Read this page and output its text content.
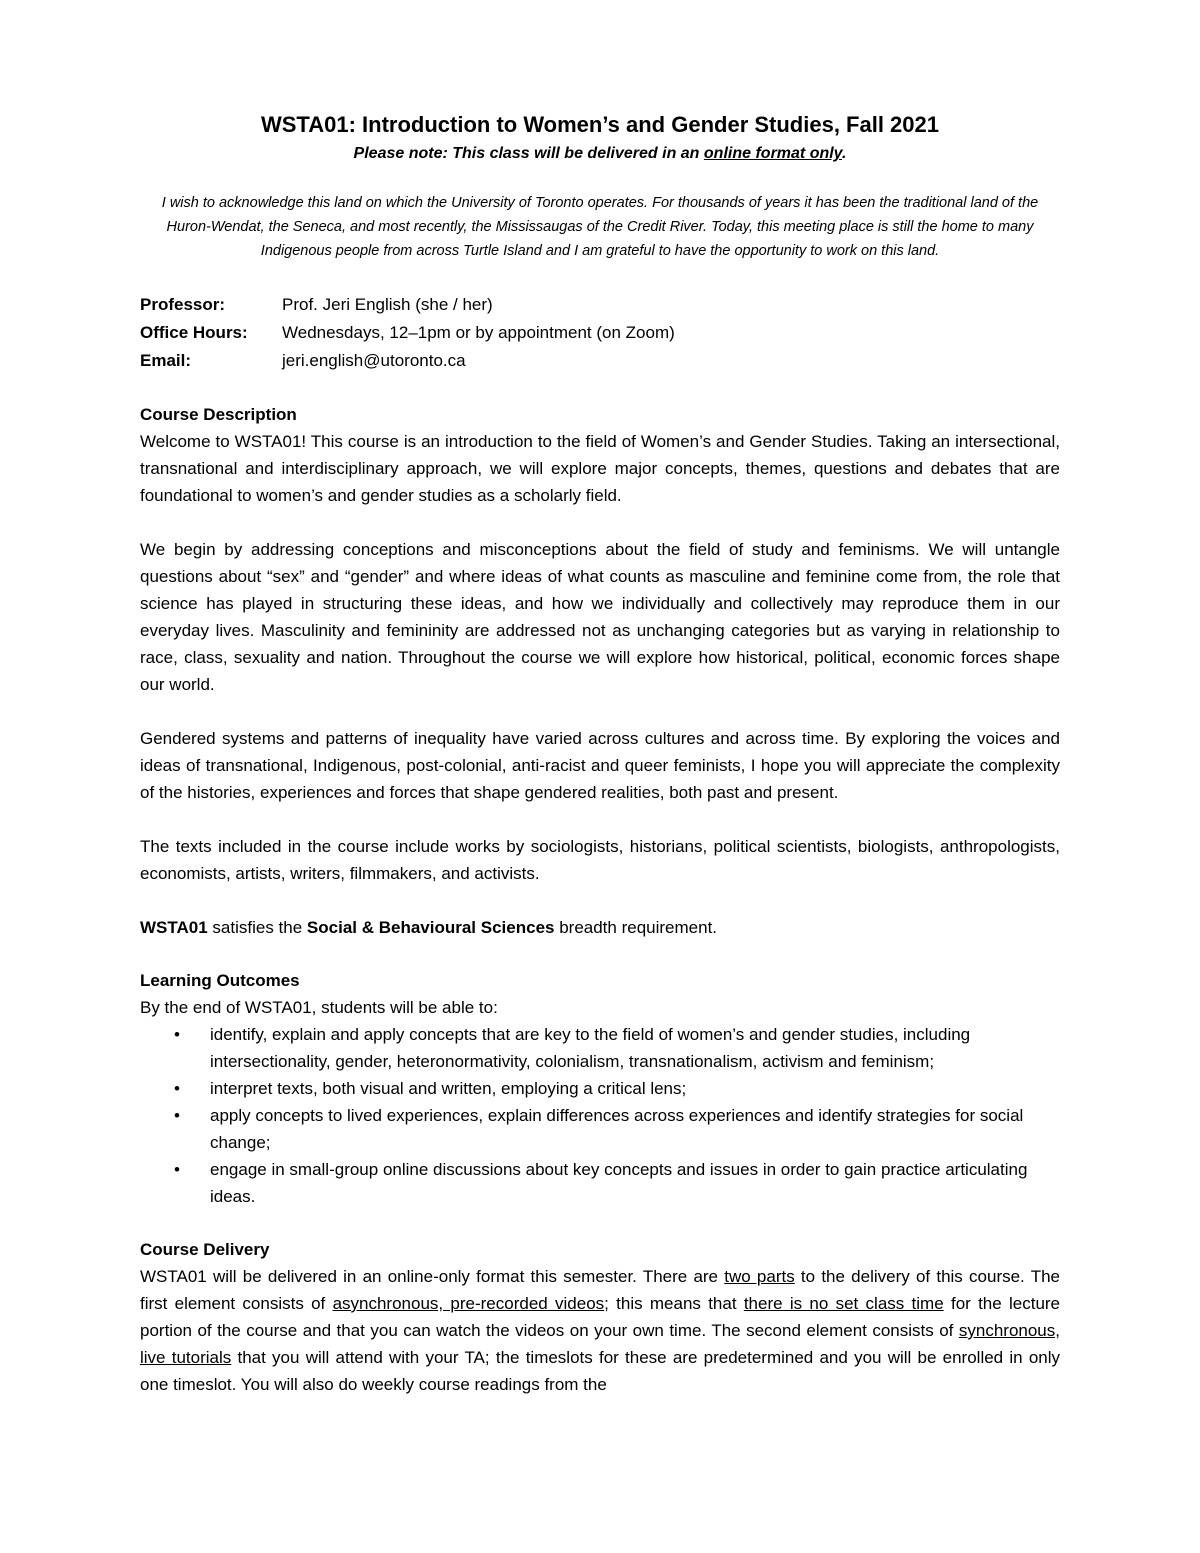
WSTA01: Introduction to Women’s and Gender Studies, Fall 2021
Please note: This class will be delivered in an online format only.
I wish to acknowledge this land on which the University of Toronto operates. For thousands of years it has been the traditional land of the Huron-Wendat, the Seneca, and most recently, the Mississaugas of the Credit River. Today, this meeting place is still the home to many Indigenous people from across Turtle Island and I am grateful to have the opportunity to work on this land.
Professor:	Prof. Jeri English (she / her)
Office Hours:	Wednesdays, 12–1pm or by appointment (on Zoom)
Email:	jeri.english@utoronto.ca
Course Description

Welcome to WSTA01! This course is an introduction to the field of Women’s and Gender Studies. Taking an intersectional, transnational and interdisciplinary approach, we will explore major concepts, themes, questions and debates that are foundational to women’s and gender studies as a scholarly field.

We begin by addressing conceptions and misconceptions about the field of study and feminisms. We will untangle questions about “sex” and “gender” and where ideas of what counts as masculine and feminine come from, the role that science has played in structuring these ideas, and how we individually and collectively may reproduce them in our everyday lives. Masculinity and femininity are addressed not as unchanging categories but as varying in relationship to race, class, sexuality and nation. Throughout the course we will explore how historical, political, economic forces shape our world.

Gendered systems and patterns of inequality have varied across cultures and across time. By exploring the voices and ideas of transnational, Indigenous, post-colonial, anti-racist and queer feminists, I hope you will appreciate the complexity of the histories, experiences and forces that shape gendered realities, both past and present.

The texts included in the course include works by sociologists, historians, political scientists, biologists, anthropologists, economists, artists, writers, filmmakers, and activists.

WSTA01 satisfies the Social & Behavioural Sciences breadth requirement.

Learning Outcomes

By the end of WSTA01, students will be able to:

• identify, explain and apply concepts that are key to the field of women’s and gender studies, including intersectionality, gender, heteronormativity, colonialism, transnationalism, activism and feminism;
• interpret texts, both visual and written, employing a critical lens;
• apply concepts to lived experiences, explain differences across experiences and identify strategies for social change;
• engage in small-group online discussions about key concepts and issues in order to gain practice articulating ideas.
Course Delivery

WSTA01 will be delivered in an online-only format this semester. There are two parts to the delivery of this course. The first element consists of asynchronous, pre-recorded videos; this means that there is no set class time for the lecture portion of the course and that you can watch the videos on your own time. The second element consists of synchronous, live tutorials that you will attend with your TA; the timeslots for these are predetermined and you will be enrolled in only one timeslot. You will also do weekly course readings from the
